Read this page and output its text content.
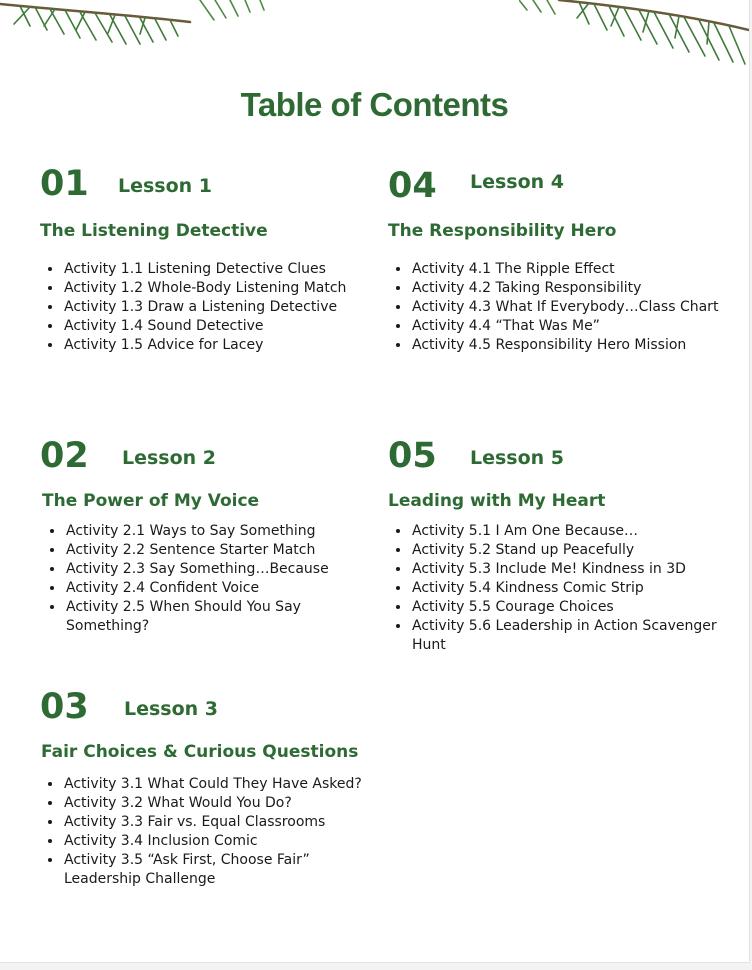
Table of Contents
01 Lesson 1
The Listening Detective
• Activity 1.1 Listening Detective Clues
• Activity 1.2 Whole-Body Listening Match
• Activity 1.3 Draw a Listening Detective
• Activity 1.4 Sound Detective
• Activity 1.5 Advice for Lacey
02 Lesson 2
The Power of My Voice
• Activity 2.1 Ways to Say Something
• Activity 2.2 Sentence Starter Match
• Activity 2.3 Say Something…Because
• Activity 2.4 Confident Voice
• Activity 2.5 When Should You Say Something?
03 Lesson 3
Fair Choices & Curious Questions
• Activity 3.1 What Could They Have Asked?
• Activity 3.2 What Would You Do?
• Activity 3.3 Fair vs. Equal Classrooms
• Activity 3.4 Inclusion Comic
• Activity 3.5 “Ask First, Choose Fair” Leadership Challenge
04 Lesson 4
The Responsibility Hero
• Activity 4.1 The Ripple Effect
• Activity 4.2 Taking Responsibility
• Activity 4.3 What If Everybody…Class Chart
• Activity 4.4 “That Was Me”
• Activity 4.5 Responsibility Hero Mission
05 Lesson 5
Leading with My Heart
• Activity 5.1 I Am One Because…
• Activity 5.2 Stand up Peacefully
• Activity 5.3 Include Me! Kindness in 3D
• Activity 5.4 Kindness Comic Strip
• Activity 5.5 Courage Choices
• Activity 5.6 Leadership in Action Scavenger Hunt
